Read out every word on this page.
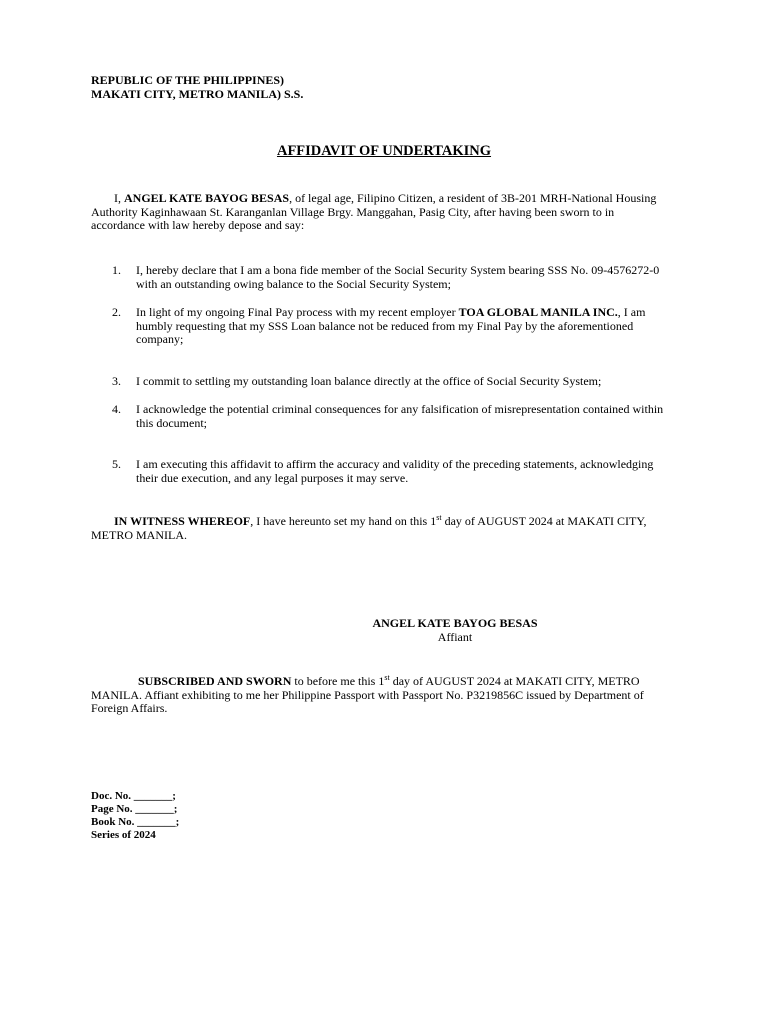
REPUBLIC OF THE PHILIPPINES)
MAKATI CITY, METRO MANILA) S.S.
AFFIDAVIT OF UNDERTAKING
I, ANGEL KATE BAYOG BESAS, of legal age, Filipino Citizen, a resident of 3B-201 MRH-National Housing Authority Kaginhawaan St. Karanganlan Village Brgy. Manggahan, Pasig City, after having been sworn to in accordance with law hereby depose and say:
1.	I, hereby declare that I am a bona fide member of the Social Security System bearing SSS No. 09-4576272-0 with an outstanding owing balance to the Social Security System;
2.	In light of my ongoing Final Pay process with my recent employer TOA GLOBAL MANILA INC., I am humbly requesting that my SSS Loan balance not be reduced from my Final Pay by the aforementioned company;
3.	I commit to settling my outstanding loan balance directly at the office of Social Security System;
4.	I acknowledge the potential criminal consequences for any falsification of misrepresentation contained within this document;
5.	I am executing this affidavit to affirm the accuracy and validity of the preceding statements, acknowledging their due execution, and any legal purposes it may serve.
IN WITNESS WHEREOF, I have hereunto set my hand on this 1st day of AUGUST 2024 at MAKATI CITY, METRO MANILA.
ANGEL KATE BAYOG BESAS
Affiant
SUBSCRIBED AND SWORN to before me this 1st day of AUGUST 2024 at MAKATI CITY, METRO MANILA. Affiant exhibiting to me her Philippine Passport with Passport No. P3219856C issued by Department of Foreign Affairs.
Doc. No. _______;
Page No. _______;
Book No. _______;
Series of 2024
